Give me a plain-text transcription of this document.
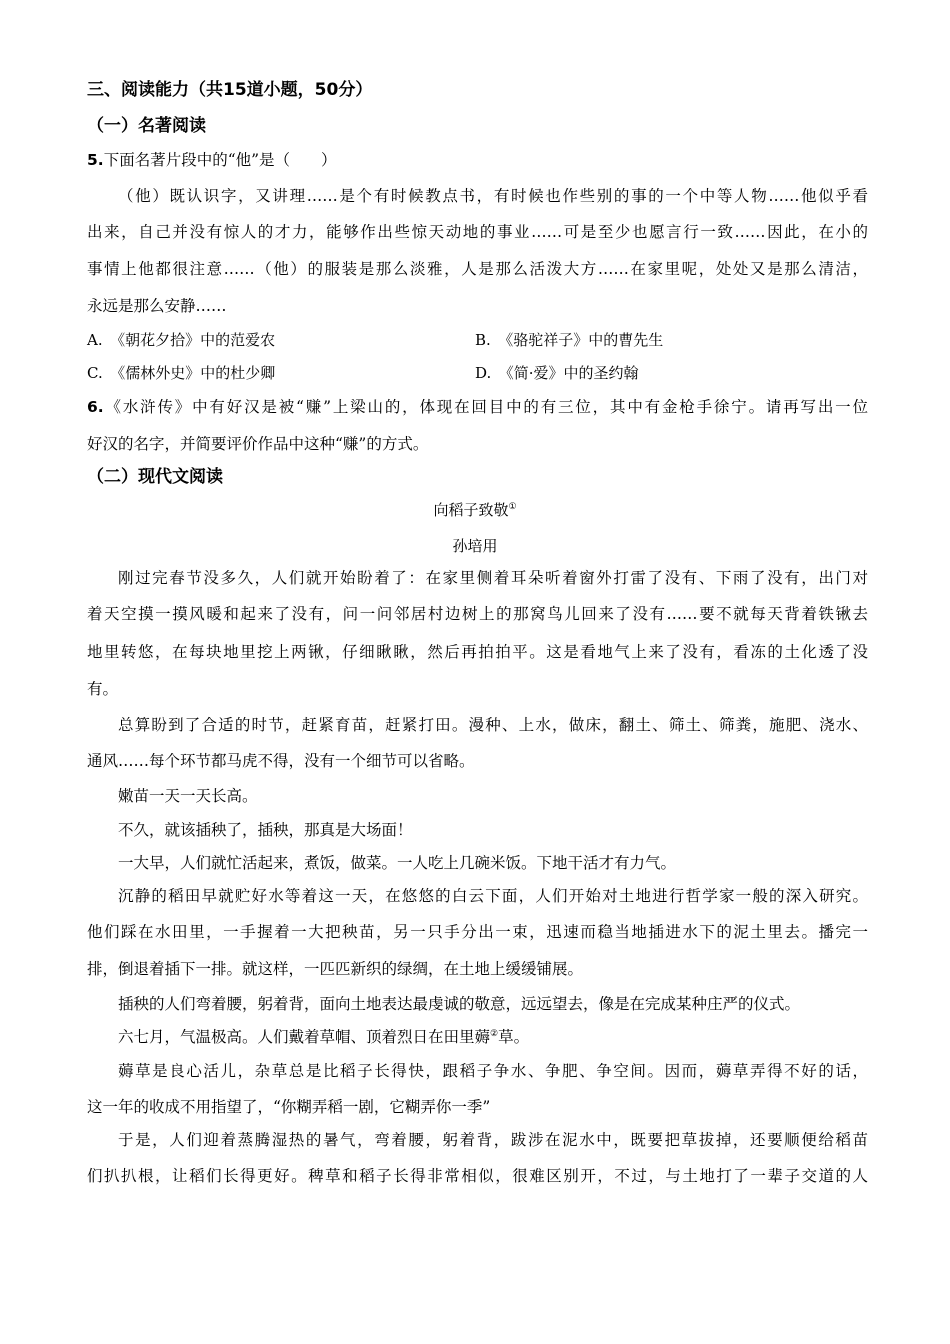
三、阅读能力（共15道小题，50分）
（一）名著阅读
5.下面名著片段中的“他”是（　　）
（他）既认识字，又讲理……是个有时候教点书，有时候也作些别的事的一个中等人物……他似乎看
出来，自己并没有惊人的才力，能够作出些惊天动地的事业……可是至少也愿言行一致……因此，在小的
事情上他都很注意……（他）的服装是那么淡雅，人是那么活泼大方……在家里呢，处处又是那么清洁，
永远是那么安静……
A.　《朝花夕拾》中的范爱农	B.　《骆驼祥子》中的曹先生
C.　《儒林外史》中的杜少卿	D.　《简·爱》中的圣约翰
6.《水浒传》中有好汉是被“赚”上梁山的，体现在回目中的有三位，其中有金枪手徐宁。请再写出一位
好汉的名字，并简要评价作品中这种“赚”的方式。
（二）现代文阅读
向稻子致敬①
孙培用
刚过完春节没多久，人们就开始盼着了：在家里侧着耳朵听着窗外打雷了没有、下雨了没有，出门对
着天空摸一摸风暖和起来了没有，问一问邻居村边树上的那窝鸟儿回来了没有……要不就每天背着铁锹去
地里转悠，在每块地里挖上两锹，仔细瞅瞅，然后再拍拍平。这是看地气上来了没有，看冻的土化透了没
有。
总算盼到了合适的时节，赶紧育苗，赶紧打田。漫种、上水，做床，翻土、筛土、筛粪，施肥、浇水、
通风……每个环节都马虎不得，没有一个细节可以省略。
嫩苗一天一天长高。
不久，就该插秧了，插秧，那真是大场面！
一大早，人们就忙活起来，煮饭，做菜。一人吃上几碗米饭。下地干活才有力气。
沉静的稻田早就贮好水等着这一天，在悠悠的白云下面，人们开始对土地进行哲学家一般的深入研究。
他们踩在水田里，一手握着一大把秧苗，另一只手分出一束，迅速而稳当地插进水下的泥土里去。播完一
排，倒退着插下一排。就这样，一匹匹新织的绿绸，在土地上缓缓铺展。
插秧的人们弯着腰，躬着背，面向土地表达最虔诚的敬意，远远望去，像是在完成某种庄严的仪式。
六七月，气温极高。人们戴着草帽、顶着烈日在田里薅②草。
薅草是良心活儿，杂草总是比稻子长得快，跟稻子争水、争肥、争空间。因而，薅草弄得不好的话，
这一年的收成不用指望了，“你糊弄稻一剧，它糊弄你一季”
于是，人们迎着蒸腾湿热的暑气，弯着腰，躬着背，跋涉在泥水中，既要把草拔掉，还要顺便给稻苗
们扒扒根，让稻们长得更好。稗草和稻子长得非常相似，很难区别开，不过，与土地打了一辈子交道的人
